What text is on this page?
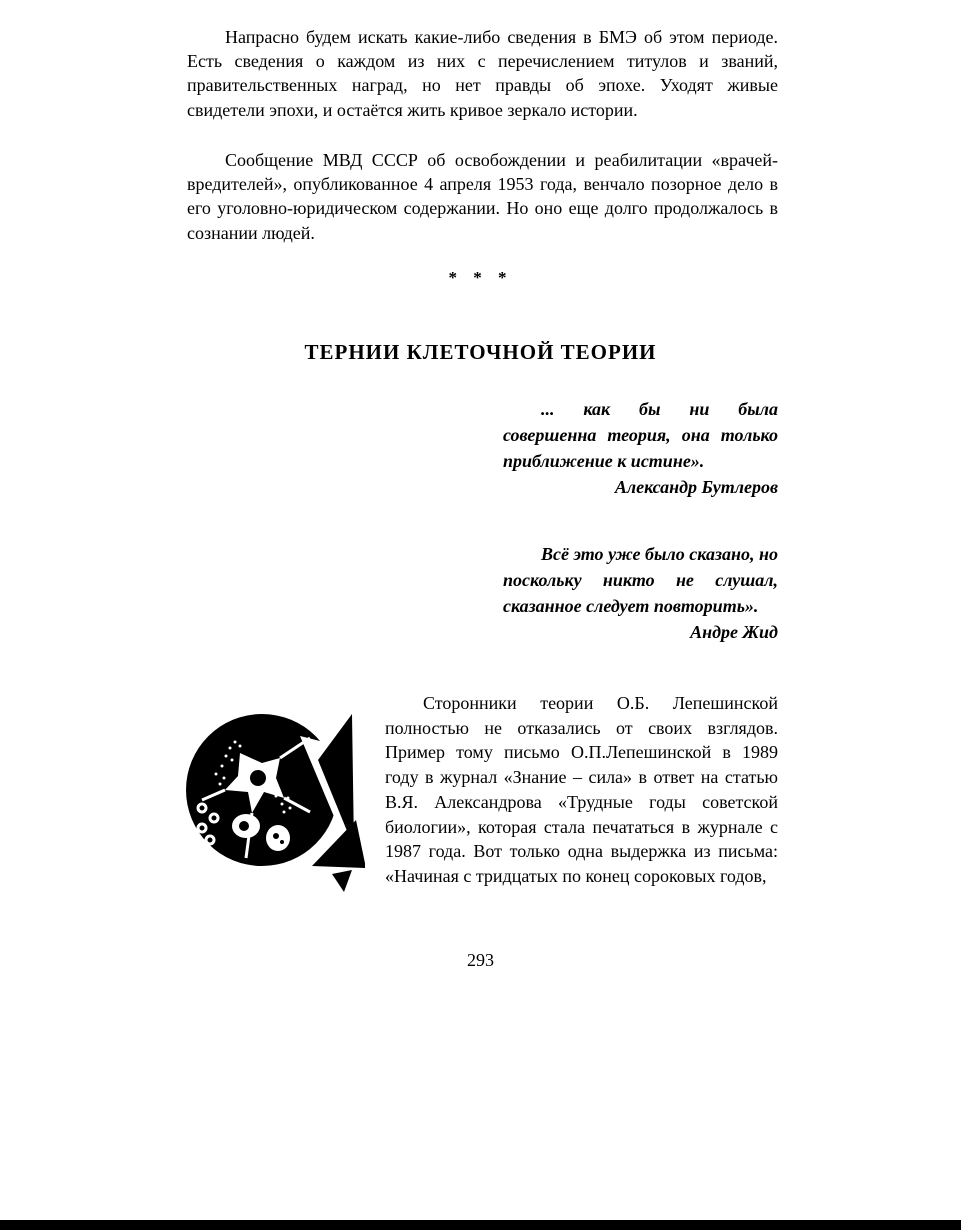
Напрасно будем искать какие-либо сведения в БМЭ об этом периоде. Есть сведения о каждом из них с перечислением титулов и званий, правительственных наград, но нет правды об эпохе. Уходят живые свидетели эпохи, и остаётся жить кривое зеркало истории.

Сообщение МВД СССР об освобождении и реабилитации «врачей-вредителей», опубликованное 4 апреля 1953 года, венчало позорное дело в его уголовно-юридическом содержании. Но оно еще долго продолжалось в сознании людей.

* * *
ТЕРНИИ КЛЕТОЧНОЙ ТЕОРИИ

... как бы ни была совершенна теория, она только приближение к истине».
Александр Бутлеров

Всё это уже было сказано, но поскольку никто не слушал, сказанное следует повторить».
Андре Жид

Сторонники теории О.Б. Лепешинской полностью не отказались от своих взглядов. Пример тому письмо О.П.Лепешинской в 1989 году в журнал «Знание – сила» в ответ на статью В.Я. Александрова «Трудные годы советской биологии», которая стала печататься в журнале с 1987 года. Вот только одна выдержка из письма: «Начиная с тридцатых по конец сороковых годов,

293
